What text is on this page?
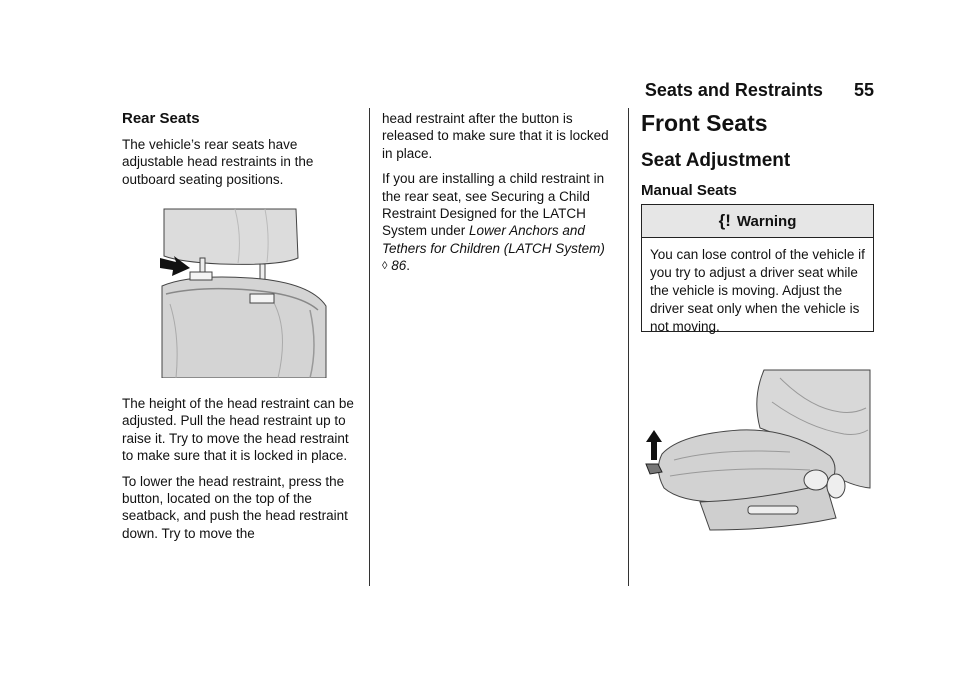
Seats and Restraints 55
Rear Seats

The vehicle’s rear seats have adjustable head restraints in the outboard seating positions.

The height of the head restraint can be adjusted. Pull the head restraint up to raise it. Try to move the head restraint to make sure that it is locked in place.

To lower the head restraint, press the button, located on the top of the seatback, and push the head restraint down. Try to move the

head restraint after the button is released to make sure that it is locked in place.

If you are installing a child restraint in the rear seat, see Securing a Child Restraint Designed for the LATCH System under Lower Anchors and Tethers for Children (LATCH System) ◊ 86.

Front Seats
Seat Adjustment
Manual Seats
{! Warning

You can lose control of the vehicle if you try to adjust a driver seat while the vehicle is moving. Adjust the driver seat only when the vehicle is not moving.
